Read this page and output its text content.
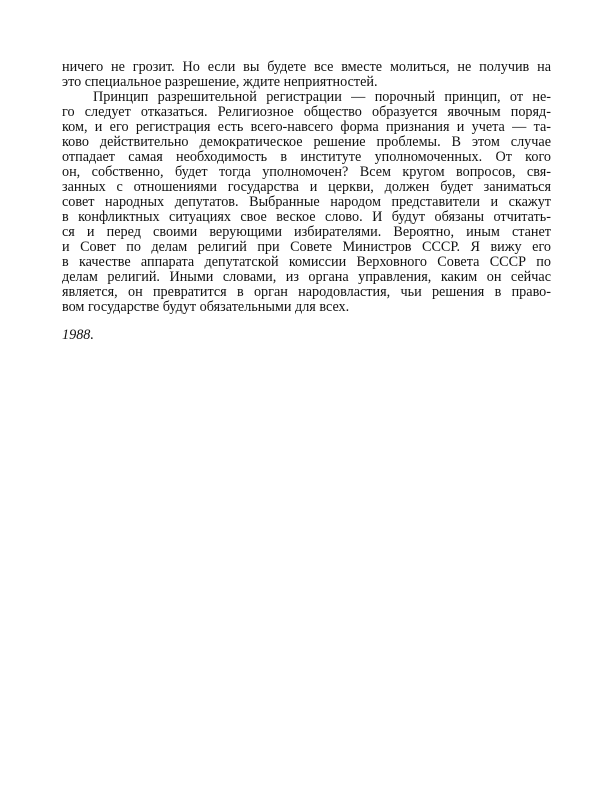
ничего не грозит. Но если вы будете все вместе молиться, не получив на
это специальное разрешение, ждите неприятностей.
Принцип разрешительной регистрации — порочный принцип, от не-
го следует отказаться. Религиозное общество образуется явочным поряд-
ком, и его регистрация есть всего-навсего форма признания и учета — та-
ково действительно демократическое решение проблемы. В этом случае
отпадает самая необходимость в институте уполномоченных. От кого
он, собственно, будет тогда уполномочен? Всем кругом вопросов, свя-
занных с отношениями государства и церкви, должен будет заниматься
совет народных депутатов. Выбранные народом представители и скажут
в конфликтных ситуациях свое веское слово. И будут обязаны отчитать-
ся и перед своими верующими избирателями. Вероятно, иным станет
и Совет по делам религий при Совете Министров СССР. Я вижу его
в качестве аппарата депутатской комиссии Верховного Совета СССР по
делам религий. Иными словами, из органа управления, каким он сейчас
является, он превратится в орган народовластия, чьи решения в право-
вом государстве будут обязательными для всех.
1988.
